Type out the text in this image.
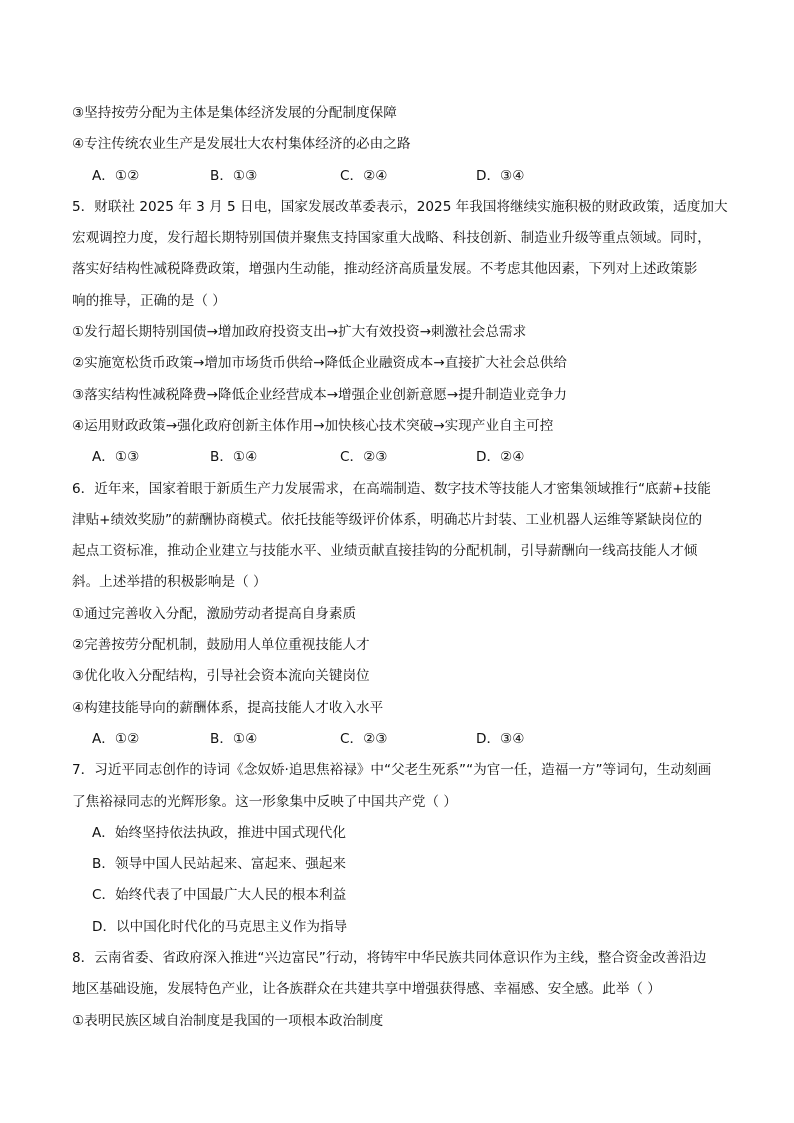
③坚持按劳分配为主体是集体经济发展的分配制度保障
④专注传统农业生产是发展壮大农村集体经济的必由之路
A．①②	B．①③	C．②④	D．③④
5．财联社 2025 年 3 月 5 日电，国家发展改革委表示，2025 年我国将继续实施积极的财政政策，适度加大
宏观调控力度，发行超长期特别国债并聚焦支持国家重大战略、科技创新、制造业升级等重点领域。同时，
落实好结构性减税降费政策，增强内生动能，推动经济高质量发展。不考虑其他因素，下列对上述政策影
响的推导，正确的是（ ）
①发行超长期特别国债→增加政府投资支出→扩大有效投资→刺激社会总需求
②实施宽松货币政策→增加市场货币供给→降低企业融资成本→直接扩大社会总供给
③落实结构性减税降费→降低企业经营成本→增强企业创新意愿→提升制造业竞争力
④运用财政政策→强化政府创新主体作用→加快核心技术突破→实现产业自主可控
A．①③	B．①④	C．②③	D．②④
6．近年来，国家着眼于新质生产力发展需求，在高端制造、数字技术等技能人才密集领域推行“底薪+技能
津贴+绩效奖励”的薪酬协商模式。依托技能等级评价体系，明确芯片封装、工业机器人运维等紧缺岗位的
起点工资标准，推动企业建立与技能水平、业绩贡献直接挂钩的分配机制，引导薪酬向一线高技能人才倾
斜。上述举措的积极影响是（ ）
①通过完善收入分配，激励劳动者提高自身素质
②完善按劳分配机制，鼓励用人单位重视技能人才
③优化收入分配结构，引导社会资本流向关键岗位
④构建技能导向的薪酬体系，提高技能人才收入水平
A．①②	B．①④	C．②③	D．③④
7．习近平同志创作的诗词《念奴娇·追思焦裕禄》中“父老生死系”“为官一任，造福一方”等词句，生动刻画
了焦裕禄同志的光辉形象。这一形象集中反映了中国共产党（ ）
A．始终坚持依法执政，推进中国式现代化
B．领导中国人民站起来、富起来、强起来
C．始终代表了中国最广大人民的根本利益
D．以中国化时代化的马克思主义作为指导
8．云南省委、省政府深入推进“兴边富民”行动，将铸牢中华民族共同体意识作为主线，整合资金改善沿边
地区基础设施，发展特色产业，让各族群众在共建共享中增强获得感、幸福感、安全感。此举（ ）
①表明民族区域自治制度是我国的一项根本政治制度
